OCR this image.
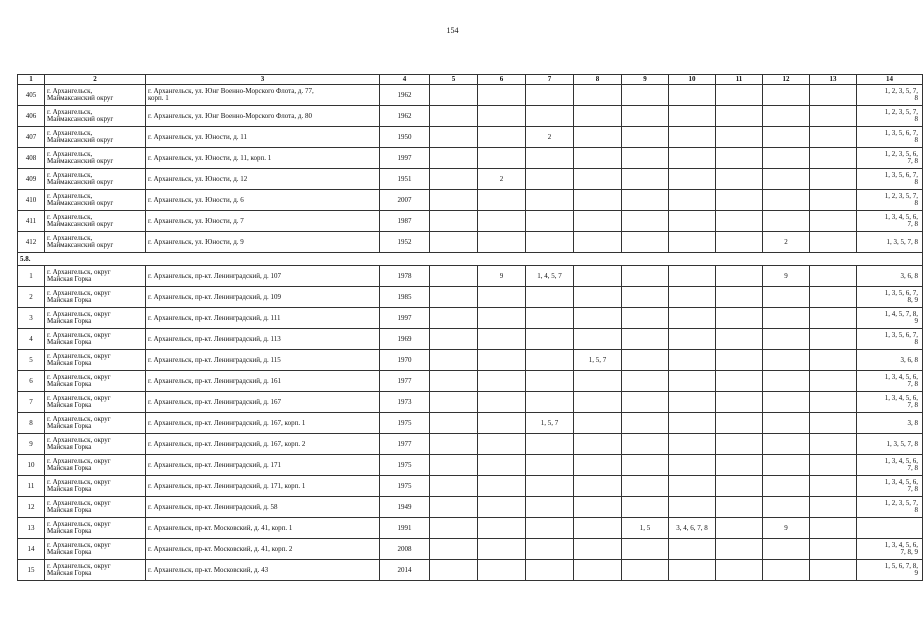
154
1	2	3	4	5	6	7	8	9	10	11	12	13	14
405	г. Архангельск,
Маймаксанский округ	г. Архангельск, ул. Юнг Военно-Морского Флота, д. 77,
корп. 1	1962										1, 2, 3, 5, 7,
8
406	г. Архангельск,
Маймаксанский округ	г. Архангельск, ул. Юнг Военно-Морского Флота, д. 80	1962										1, 2, 3, 5, 7,
8
407	г. Архангельск,
Маймаксанский округ	г. Архангельск, ул. Юности, д. 11	1950			2							1, 3, 5, 6, 7,
8
408	г. Архангельск,
Маймаксанский округ	г. Архангельск, ул. Юности, д. 11, корп. 1	1997										1, 2, 3, 5, 6,
7, 8
409	г. Архангельск,
Маймаксанский округ	г. Архангельск, ул. Юности, д. 12	1951		2								1, 3, 5, 6, 7,
8
410	г. Архангельск,
Маймаксанский округ	г. Архангельск, ул. Юности, д. 6	2007										1, 2, 3, 5, 7,
8
411	г. Архангельск,
Маймаксанский округ	г. Архангельск, ул. Юности, д. 7	1987										1, 3, 4, 5, 6,
7, 8
412	г. Архангельск,
Маймаксанский округ	г. Архангельск, ул. Юности, д. 9	1952								2		1, 3, 5, 7, 8
5.8.													
1	г. Архангельск, округ
Майская Горка	г. Архангельск, пр-кт. Ленинградский, д. 107	1978		9	1, 4, 5, 7					9		3, 6, 8
2	г. Архангельск, округ
Майская Горка	г. Архангельск, пр-кт. Ленинградский, д. 109	1985										1, 3, 5, 6, 7,
8, 9
3	г. Архангельск, округ
Майская Горка	г. Архангельск, пр-кт. Ленинградский, д. 111	1997										1, 4, 5, 7, 8,
9
4	г. Архангельск, округ
Майская Горка	г. Архангельск, пр-кт. Ленинградский, д. 113	1969										1, 3, 5, 6, 7,
8
5	г. Архангельск, округ
Майская Горка	г. Архангельск, пр-кт. Ленинградский, д. 115	1970				1, 5, 7						3, 6, 8
6	г. Архангельск, округ
Майская Горка	г. Архангельск, пр-кт. Ленинградский, д. 161	1977										1, 3, 4, 5, 6,
7, 8
7	г. Архангельск, округ
Майская Горка	г. Архангельск, пр-кт. Ленинградский, д. 167	1973										1, 3, 4, 5, 6,
7, 8
8	г. Архангельск, округ
Майская Горка	г. Архангельск, пр-кт. Ленинградский, д. 167, корп. 1	1975			1, 5, 7							3, 8
9	г. Архангельск, округ
Майская Горка	г. Архангельск, пр-кт. Ленинградский, д. 167, корп. 2	1977										1, 3, 5, 7, 8
10	г. Архангельск, округ
Майская Горка	г. Архангельск, пр-кт. Ленинградский, д. 171	1975										1, 3, 4, 5, 6,
7, 8
11	г. Архангельск, округ
Майская Горка	г. Архангельск, пр-кт. Ленинградский, д. 171, корп. 1	1975										1, 3, 4, 5, 6,
7, 8
12	г. Архангельск, округ
Майская Горка	г. Архангельск, пр-кт. Ленинградский, д. 58	1949										1, 2, 3, 5, 7,
8
13	г. Архангельск, округ
Майская Горка	г. Архангельск, пр-кт. Московский, д. 41, корп. 1	1991					1, 5	3, 4, 6, 7, 8		9		
14	г. Архангельск, округ
Майская Горка	г. Архангельск, пр-кт. Московский, д. 41, корп. 2	2008										1, 3, 4, 5, 6,
7, 8, 9
15	г. Архангельск, округ
Майская Горка	г. Архангельск, пр-кт. Московский, д. 43	2014										1, 5, 6, 7, 8,
9
